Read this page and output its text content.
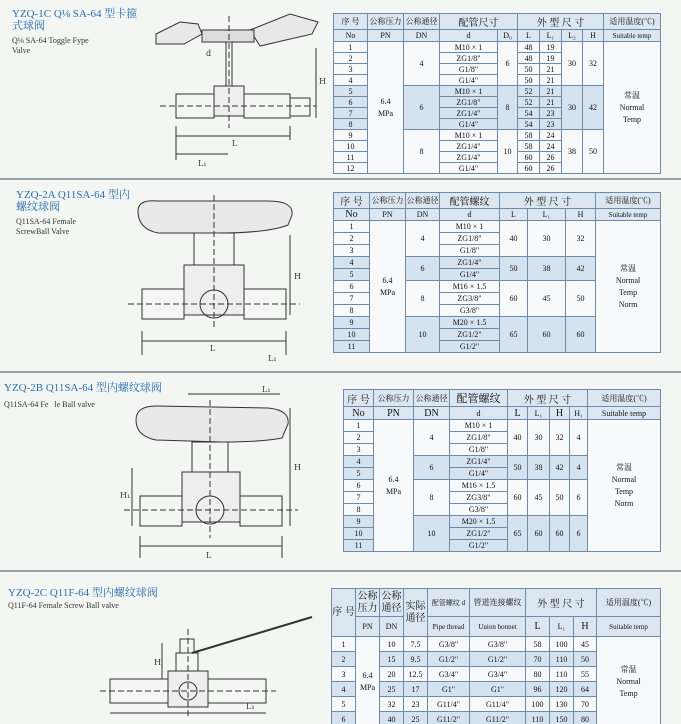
YZQ-1C Q⅛ SA-64 型卡箍
式球阀
Q⅛ SA-64 Toggle Fype
Valve
H
d
L
L₁
序 号	公称压力	公称通径	配管尺寸		外 型 尺 寸				适用温度(℃)
No	PN	DN	d	D₀	L	L₁	L₂	H	Suitable temp
1	6.4
MPa	4	M10 × 1	6	48	19	30	32	常温
Normal
Temp
2			ZG1/8"		48	19			
3			G1/8"		50	21			
4			G1/4"		50	21			
5		6	M10 × 1	8	52	21	30	42	
6			ZG1/8"		52	21			
7			ZG1/4"		54	23			
8			G1/4"		54	23			
9		8	M10 × 1	10	58	24	38	50	
10			ZG1/4"		58	24			
11			ZG1/4"		60	26			
12			G1/4"		60	26			
YZQ-2A Q11SA-64 型内
螺纹球阀
Q11SA-64 Female
ScrewBall Valve
H
L
L₁
序 号	公称压力	公称通径	配管螺纹	外 型 尺 寸			适用温度(℃)
No	PN	DN	d	L	L₁	H	Suitable temp
1	6.4
MPa	4	M10 × 1	40	30	32	常温
Normal
Temp
Norm
2			ZG1/8"				
3			G1/8"				
4		6	ZG1/4"	50	38	42	
5			G1/4"				
6		8	M16 × 1.5	60	45	50	
7			ZG3/8"				
8			G3/8"				
9		10	M20 × 1.5	65	60	60	
10			ZG1/2"				
11			G1/2"				
YZQ-2B Q11SA-64 型内螺纹球阀
Q11SA-64 Fe   le Ball valve
L₁
H
H₁
L
序 号	公称压力	公称通径	配管螺纹	外 型 尺 寸				适用温度(℃)
No	PN	DN	d	L	L₁	H	H₁	Suitable temp
1	6.4
MPa	4	M10 × 1	40	30	32	4	常温
Normal
Temp
Norm
2			ZG1/8"					
3			G1/8"					
4		6	ZG1/4"	50	38	42	4	
5			G1/4"					
6		8	M16 × 1.5	60	45	50	6	
7			ZG3/8"					
8			G3/8"					
9		10	M20 × 1.5	65	60	60	6	
10			ZG1/2"					
11			G1/2"					
YZQ-2C Q11F-64 型内螺纹球阀
Q11F-64 Female Screw Ball valve
H
L₁
序 号	公称
压力	公称
通径	实际
通径	配管螺纹 d	管道连接螺纹	外 型 尺 寸			适用温度(℃)
	PN	DN		Pipe thread	Union bonnet	L	L₁	H	Suitable temp
1	6.4
MPa	10	7.5	G3/8"	G3/8"	58	100	45	常温
Normal
Temp
2		15	9.5	G1/2"	G1/2"	70	110	50	
3		20	12.5	G3/4"	G3/4"	80	110	55	
4		25	17	G1"	G1"	96	120	64	
5		32	23	G11/4"	G11/4"	100	130	70	
6		40	25	G11/2"	G11/2"	110	150	80	
